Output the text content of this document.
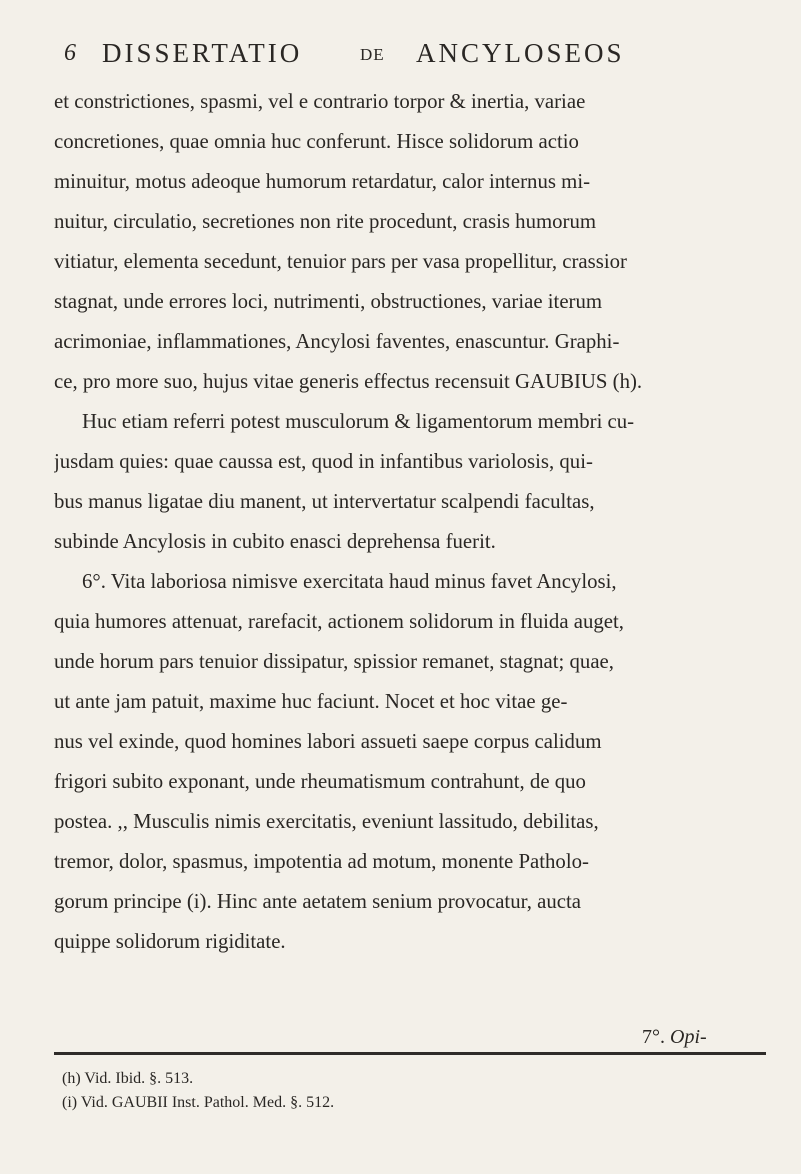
6 DISSERTATIO	DE ANCYLOSEOS
et constrictiones, spasmi, vel e contrario torpor & inertia, variae
concretiones, quae omnia huc conferunt. Hisce solidorum actio
minuitur, motus adeoque humorum retardatur, calor internus mi-
nuitur, circulatio, secretiones non rite procedunt, crasis humorum
vitiatur, elementa secedunt, tenuior pars per vasa propellitur, crassior
stagnat, unde errores loci, nutrimenti, obstructiones, variae iterum
acrimoniae, inflammationes, Ancylosi faventes, enascuntur. Graphi-
ce, pro more suo, hujus vitae generis effectus recensuit GAUBIUS (h).
Huc etiam referri potest musculorum & ligamentorum membri cu-
jusdam quies: quae caussa est, quod in infantibus variolosis, qui-
bus manus ligatae diu manent, ut intervertatur scalpendi facultas,
subinde Ancylosis in cubito enasci deprehensa fuerit.
6°. Vita laboriosa nimisve exercitata haud minus favet Ancylosi,
quia humores attenuat, rarefacit, actionem solidorum in fluida auget,
unde horum pars tenuior dissipatur, spissior remanet, stagnat; quae,
ut ante jam patuit, maxime huc faciunt. Nocet et hoc vitae ge-
nus vel exinde, quod homines labori assueti saepe corpus calidum
frigori subito exponant, unde rheumatismum contrahunt, de quo
postea. ,, Musculis nimis exercitatis, eveniunt lassitudo, debilitas,
tremor, dolor, spasmus, impotentia ad motum, monente Patholo-
gorum principe (i). Hinc ante aetatem senium provocatur, aucta
quippe solidorum rigiditate.
7°. Opi-
(h) Vid. Ibid. §. 513.
(i) Vid. GAUBII Inst. Pathol. Med. §. 512.
